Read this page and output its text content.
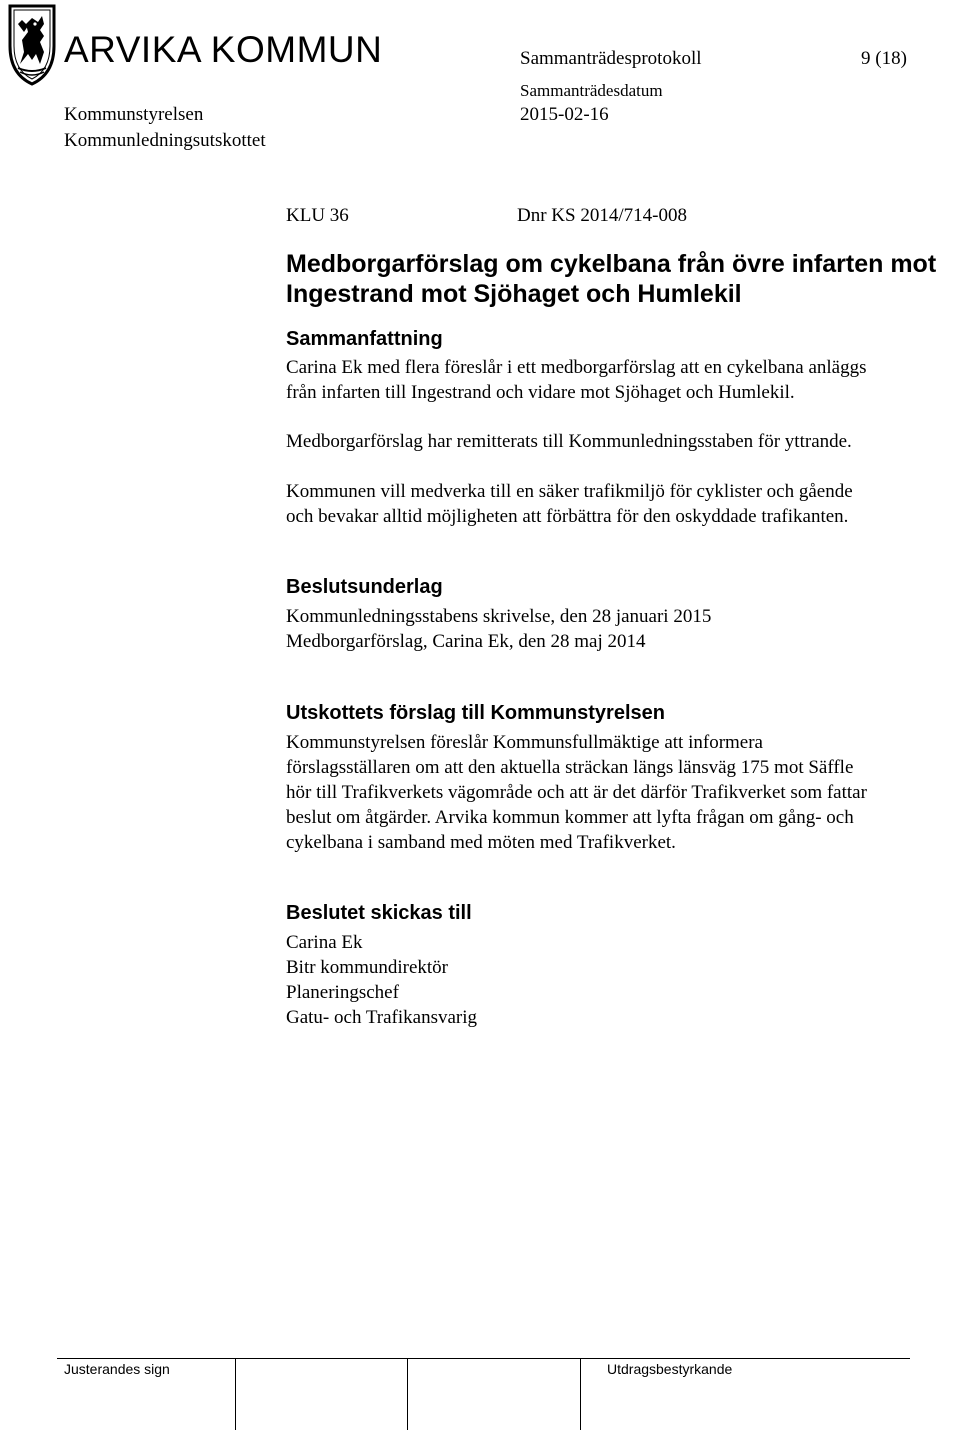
ARVIKA KOMMUN	Sammanträdesprotokoll	9 (18)
Sammanträdesdatum
Kommunstyrelsen	2015-02-16
Kommunledningsutskottet
KLU 36	Dnr KS 2014/714-008
Medborgarförslag om cykelbana från övre infarten mot
Ingestrand mot Sjöhaget och Humlekil
Sammanfattning
Carina Ek med flera föreslår i ett medborgarförslag att en cykelbana anläggs
från infarten till Ingestrand och vidare mot Sjöhaget och Humlekil.
Medborgarförslag har remitterats till Kommunledningsstaben för yttrande.
Kommunen vill medverka till en säker trafikmiljö för cyklister och gående
och bevakar alltid möjligheten att förbättra för den oskyddade trafikanten.
Beslutsunderlag
Kommunledningsstabens skrivelse, den 28 januari 2015
Medborgarförslag, Carina Ek, den 28 maj 2014
Utskottets förslag till Kommunstyrelsen
Kommunstyrelsen föreslår Kommunsfullmäktige att informera
förslagsställaren om att den aktuella sträckan längs länsväg 175 mot Säffle
hör till Trafikverkets vägområde och att är det därför Trafikverket som fattar
beslut om åtgärder. Arvika kommun kommer att lyfta frågan om gång- och
cykelbana i samband med möten med Trafikverket.
Beslutet skickas till
Carina Ek
Bitr kommundirektör
Planeringschef
Gatu- och Trafikansvarig
Justerandes sign	Utdragsbestyrkande
